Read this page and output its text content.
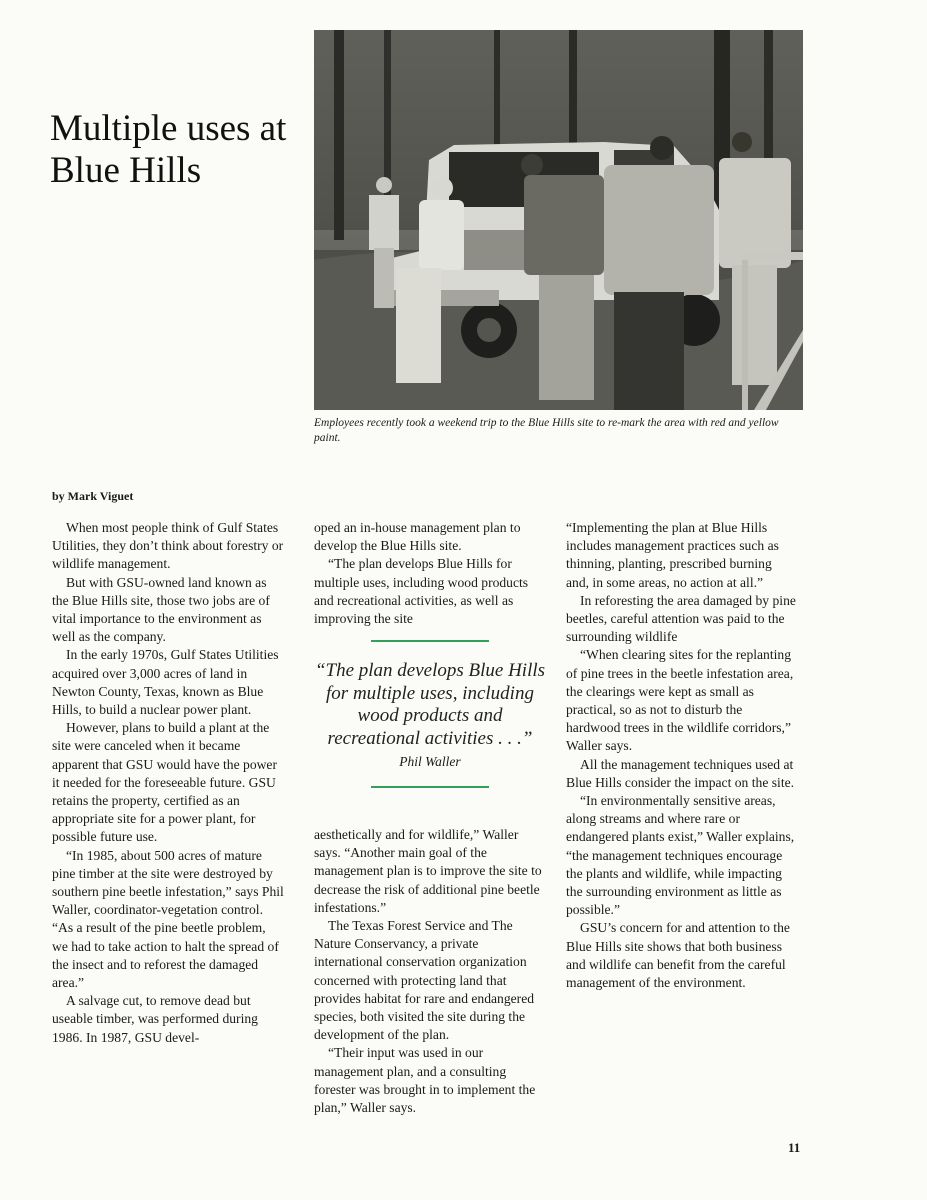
Multiple uses at Blue Hills

Employees recently took a weekend trip to the Blue Hills site to re-mark the area with red and yellow paint.

by Mark Viguet

When most people think of Gulf States Utilities, they don’t think about forestry or wildlife management.

But with GSU-owned land known as the Blue Hills site, those two jobs are of vital importance to the environment as well as the company.

In the early 1970s, Gulf States Utilities acquired over 3,000 acres of land in Newton County, Texas, known as Blue Hills, to build a nuclear power plant.

However, plans to build a plant at the site were canceled when it became apparent that GSU would have the power it needed for the foreseeable future. GSU retains the property, certified as an appropriate site for a power plant, for possible future use.

“In 1985, about 500 acres of mature pine timber at the site were destroyed by southern pine beetle infestation,” says Phil Waller, coordinator-vegetation control. “As a result of the pine beetle problem, we had to take action to halt the spread of the insect and to reforest the damaged area.”

A salvage cut, to remove dead but useable timber, was performed during 1986. In 1987, GSU devel-

oped an in-house management plan to develop the Blue Hills site.

“The plan develops Blue Hills for multiple uses, including wood products and recreational activities, as well as improving the site

“The plan develops Blue Hills for multiple uses, including wood products and recreational activities . . .”

Phil Waller

aesthetically and for wildlife,” Waller says. “Another main goal of the management plan is to improve the site to decrease the risk of additional pine beetle infestations.”

The Texas Forest Service and The Nature Conservancy, a private international conservation organization concerned with protecting land that provides habitat for rare and endangered species, both visited the site during the development of the plan.

“Their input was used in our management plan, and a consulting forester was brought in to implement the plan,” Waller says.

“Implementing the plan at Blue Hills includes management practices such as thinning, planting, prescribed burning and, in some areas, no action at all.”

In reforesting the area damaged by pine beetles, careful attention was paid to the surrounding wildlife

“When clearing sites for the replanting of pine trees in the beetle infestation area, the clearings were kept as small as practical, so as not to disturb the hardwood trees in the wildlife corridors,” Waller says.

All the management techniques used at Blue Hills consider the impact on the site.

“In environmentally sensitive areas, along streams and where rare or endangered plants exist,” Waller explains, “the management techniques encourage the plants and wildlife, while impacting the surrounding environment as little as possible.”

GSU’s concern for and attention to the Blue Hills site shows that both business and wildlife can benefit from the careful management of the environment.

11
